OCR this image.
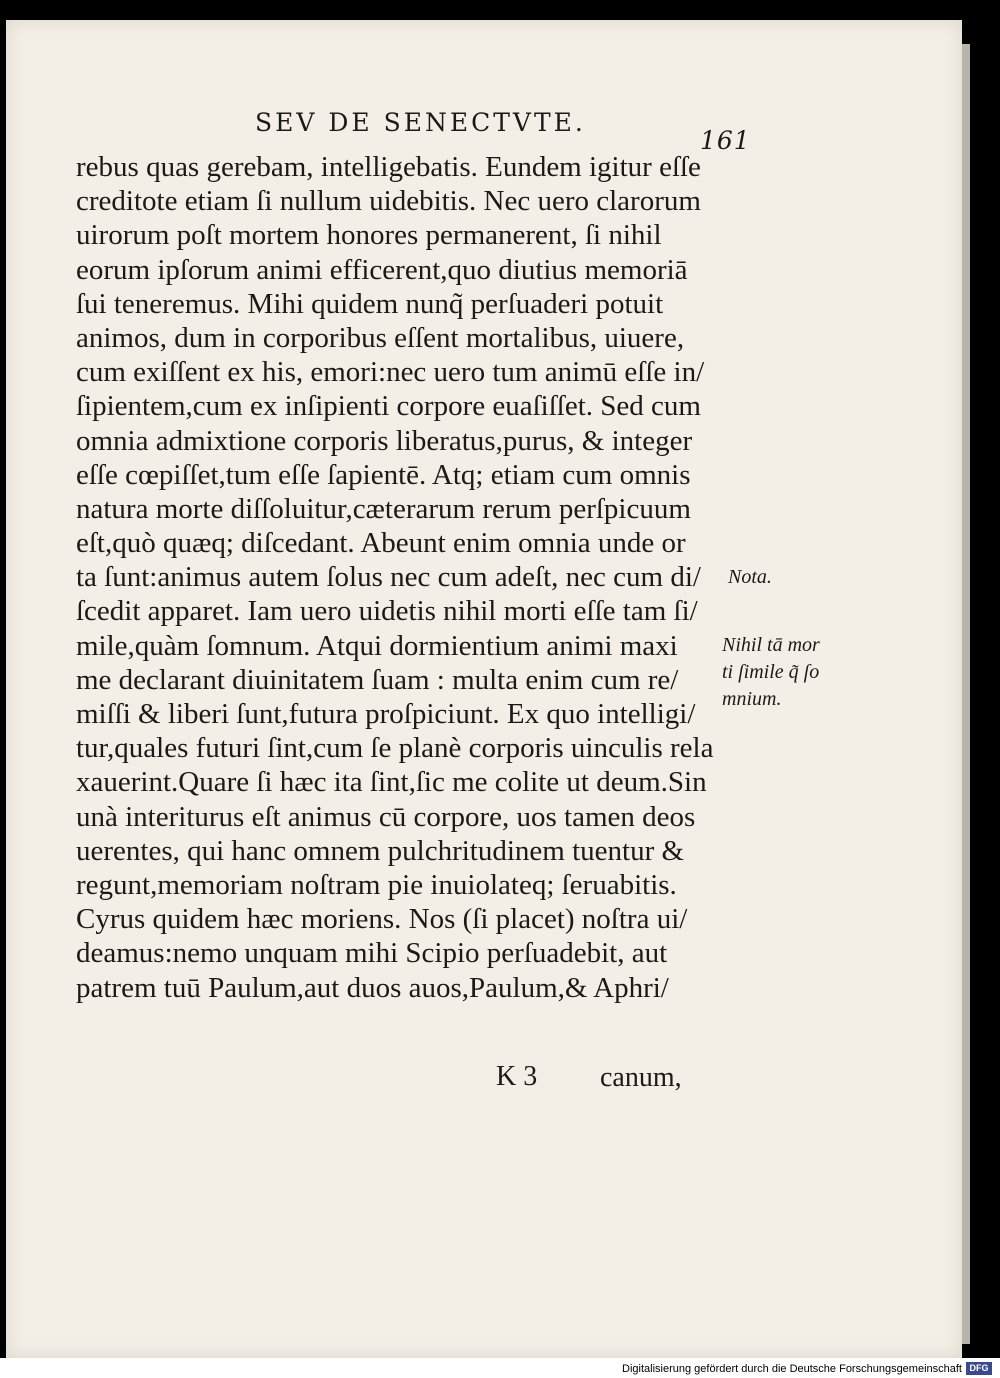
SEV DE SENECTVTE.
161
rebus quas gerebam, intelligebatis. Eundem igitur eſſe
creditote etiam ſi nullum uidebitis. Nec uero clarorum
uirorum poſt mortem honores permanerent, ſi nihil
eorum ipſorum animi efficerent,quo diutius memoriā
ſui teneremus. Mihi quidem nunq̃ perſuaderi potuit
animos, dum in corporibus eſſent mortalibus, uiuere,
cum exiſſent ex his, emori:nec uero tum animū eſſe in/
ſipientem,cum ex inſipienti corpore euaſiſſet. Sed cum
omnia admixtione corporis liberatus,purus, & integer
eſſe cœpiſſet,tum eſſe ſapientē. Atq; etiam cum omnis
natura morte diſſoluitur,cæterarum rerum perſpicuum
eſt,quò quæq; diſcedant. Abeunt enim omnia unde or
ta ſunt:animus autem ſolus nec cum adeſt, nec cum di/
ſcedit apparet. Iam uero uidetis nihil morti eſſe tam ſi/
mile,quàm ſomnum. Atqui dormientium animi maxi
me declarant diuinitatem ſuam : multa enim cum re/
miſſi & liberi ſunt,futura proſpiciunt. Ex quo intelligi/
tur,quales futuri ſint,cum ſe planè corporis uinculis rela
xauerint.Quare ſi hæc ita ſint,ſic me colite ut deum.Sin
unà interiturus eſt animus cū corpore, uos tamen deos
uerentes, qui hanc omnem pulchritudinem tuentur &
regunt,memoriam noſtram pie inuiolateq; ſeruabitis.
Cyrus quidem hæc moriens. Nos (ſi placet) noſtra ui/
deamus:nemo unquam mihi Scipio perſuadebit, aut
patrem tuū Paulum,aut duos auos,Paulum,& Aphri/
K 3 canum,
Nota.
Nihil tā mor
ti ſimile q̃ ſo
mnium.
Digitalisierung gefördert durch die Deutsche Forschungsgemeinschaft DFG
